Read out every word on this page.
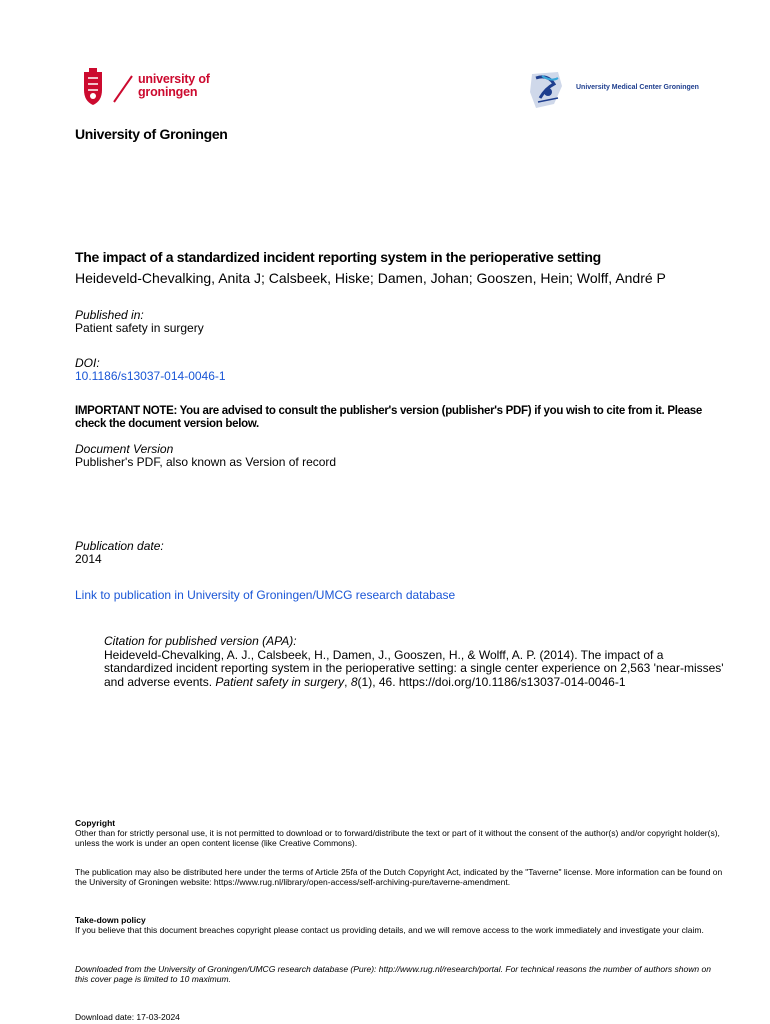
university of
groningen	University Medical Center Groningen
University of Groningen
The impact of a standardized incident reporting system in the perioperative setting
Heideveld-Chevalking, Anita J; Calsbeek, Hiske; Damen, Johan; Gooszen, Hein; Wolff, André P
Published in:
Patient safety in surgery
DOI:
10.1186/s13037-014-0046-1
IMPORTANT NOTE: You are advised to consult the publisher's version (publisher's PDF) if you wish to cite from it. Please check the document version below.
Document Version
Publisher's PDF, also known as Version of record
Publication date:
2014
Link to publication in University of Groningen/UMCG research database
Citation for published version (APA):
Heideveld-Chevalking, A. J., Calsbeek, H., Damen, J., Gooszen, H., & Wolff, A. P. (2014). The impact of a standardized incident reporting system in the perioperative setting: a single center experience on 2,563 'near-misses' and adverse events. Patient safety in surgery, 8(1), 46. https://doi.org/10.1186/s13037-014-0046-1
Copyright
Other than for strictly personal use, it is not permitted to download or to forward/distribute the text or part of it without the consent of the author(s) and/or copyright holder(s), unless the work is under an open content license (like Creative Commons).
The publication may also be distributed here under the terms of Article 25fa of the Dutch Copyright Act, indicated by the "Taverne" license. More information can be found on the University of Groningen website: https://www.rug.nl/library/open-access/self-archiving-pure/taverne-amendment.
Take-down policy
If you believe that this document breaches copyright please contact us providing details, and we will remove access to the work immediately and investigate your claim.
Downloaded from the University of Groningen/UMCG research database (Pure): http://www.rug.nl/research/portal. For technical reasons the number of authors shown on this cover page is limited to 10 maximum.
Download date: 17-03-2024
